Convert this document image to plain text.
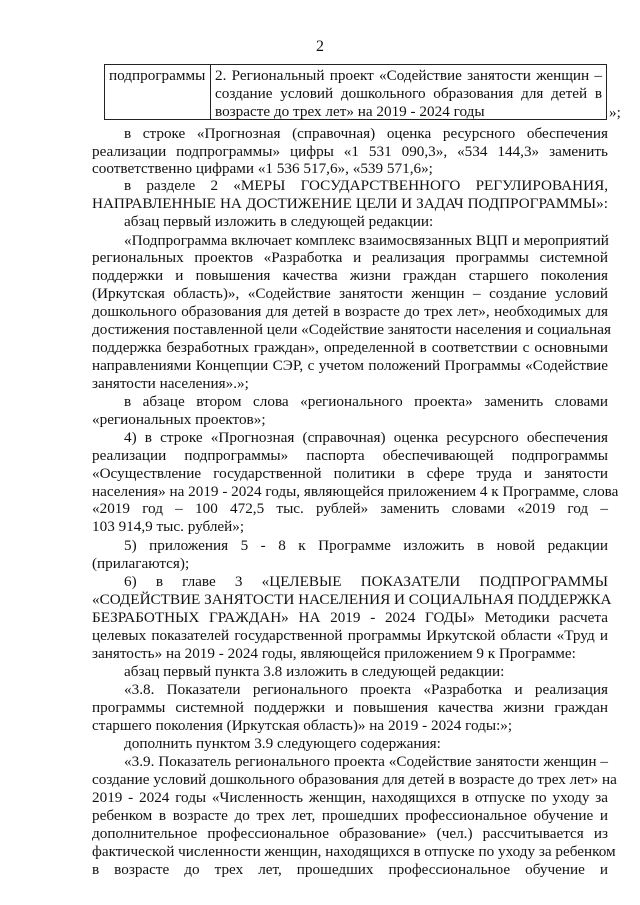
2
подпрограммы 2. Региональный проект «Содействие занятости женщин –
создание условий дошкольного образования для детей в
возрасте до трех лет» на 2019 - 2024 годы	»;
в строке «Прогнозная (справочная) оценка ресурсного обеспечения
реализации подпрограммы» цифры «1 531 090,3», «534 144,3» заменить
соответственно цифрами «1 536 517,6», «539 571,6»;
в разделе 2 «МЕРЫ ГОСУДАРСТВЕННОГО РЕГУЛИРОВАНИЯ,
НАПРАВЛЕННЫЕ НА ДОСТИЖЕНИЕ ЦЕЛИ И ЗАДАЧ ПОДПРОГРАММЫ»:
абзац первый изложить в следующей редакции:
«Подпрограмма включает комплекс взаимосвязанных ВЦП и мероприятий
региональных проектов «Разработка и реализация программы системной
поддержки и повышения качества жизни граждан старшего поколения
(Иркутская область)», «Содействие занятости женщин – создание условий
дошкольного образования для детей в возрасте до трех лет», необходимых для
достижения поставленной цели «Содействие занятости населения и социальная
поддержка безработных граждан», определенной в соответствии с основными
направлениями Концепции СЭР, с учетом положений Программы «Содействие
занятости населения».»;
в абзаце втором слова «регионального проекта» заменить словами
«региональных проектов»;
4) в строке «Прогнозная (справочная) оценка ресурсного обеспечения
реализации подпрограммы» паспорта обеспечивающей подпрограммы
«Осуществление государственной политики в сфере труда и занятости
населения» на 2019 - 2024 годы, являющейся приложением 4 к Программе, слова
«2019 год – 100 472,5 тыс. рублей» заменить словами «2019 год –
103 914,9 тыс. рублей»;
5) приложения 5 - 8 к Программе изложить в новой редакции
(прилагаются);
6) в главе 3 «ЦЕЛЕВЫЕ ПОКАЗАТЕЛИ ПОДПРОГРАММЫ
«СОДЕЙСТВИЕ ЗАНЯТОСТИ НАСЕЛЕНИЯ И СОЦИАЛЬНАЯ ПОДДЕРЖКА
БЕЗРАБОТНЫХ ГРАЖДАН» НА 2019 - 2024 ГОДЫ» Методики расчета
целевых показателей государственной программы Иркутской области «Труд и
занятость» на 2019 - 2024 годы, являющейся приложением 9 к Программе:
абзац первый пункта 3.8 изложить в следующей редакции:
«3.8. Показатели регионального проекта «Разработка и реализация
программы системной поддержки и повышения качества жизни граждан
старшего поколения (Иркутская область)» на 2019 - 2024 годы:»;
дополнить пунктом 3.9 следующего содержания:
«3.9. Показатель регионального проекта «Содействие занятости женщин –
создание условий дошкольного образования для детей в возрасте до трех лет» на
2019 - 2024 годы «Численность женщин, находящихся в отпуске по уходу за
ребенком в возрасте до трех лет, прошедших профессиональное обучение и
дополнительное профессиональное образование» (чел.) рассчитывается из
фактической численности женщин, находящихся в отпуске по уходу за ребенком
в возрасте до трех лет, прошедших профессиональное обучение и
